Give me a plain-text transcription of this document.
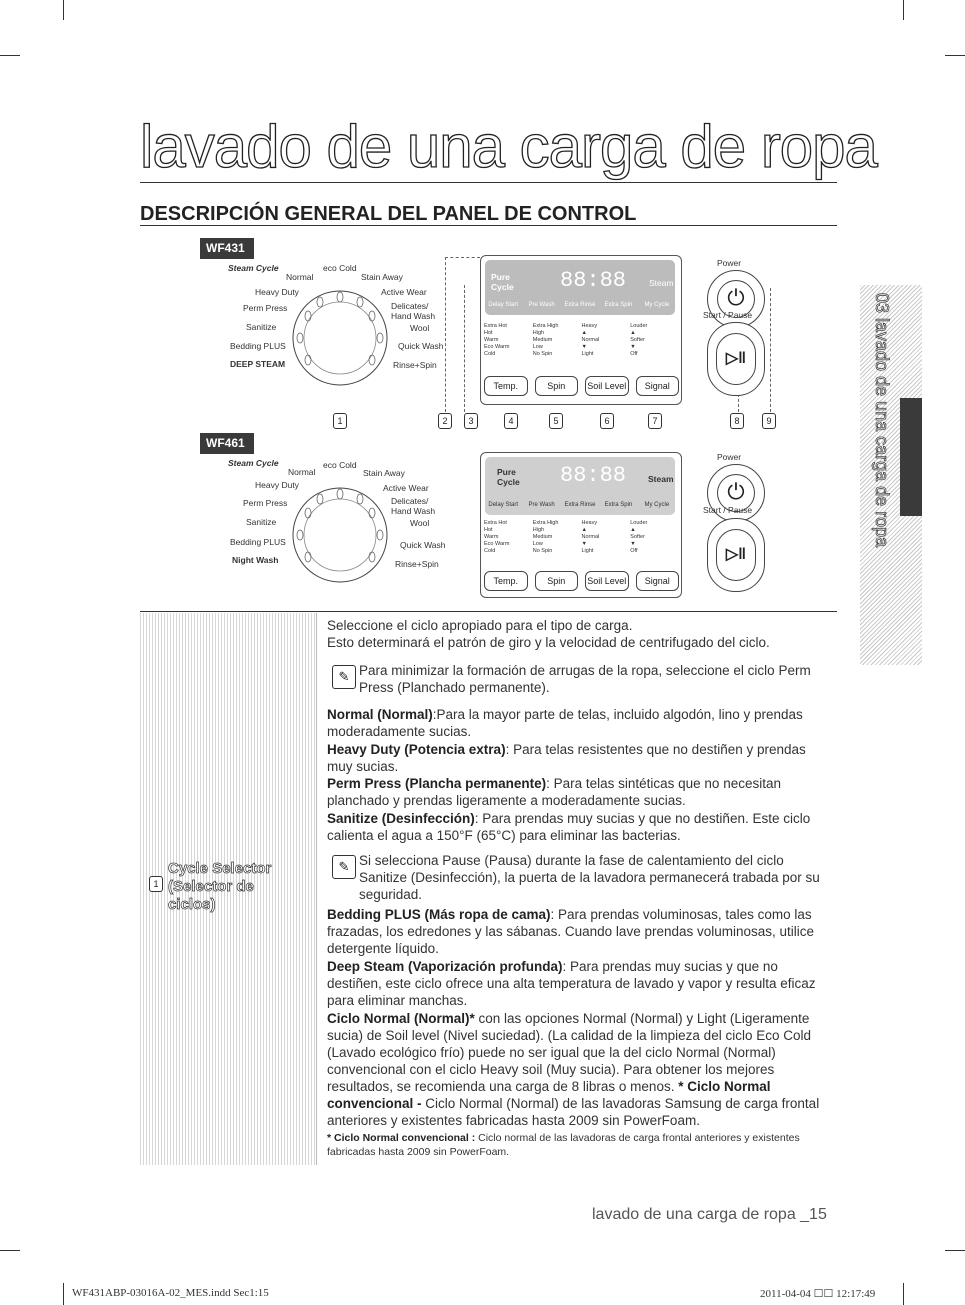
lavado de una carga de ropa
DESCRIPCIÓN GENERAL DEL PANEL DE CONTROL
03 lavado de una carga de ropa
WF431
Steam Cycle	eco Cold
Normal
Heavy Duty
Perm Press
Sanitize
Bedding PLUS
DEEP STEAM
Stain Away
Active Wear
Delicates/ Hand Wash
Wool
Quick Wash
Rinse+Spin
Pure Cycle 88:88	Steam
Delay Start	Pre Wash	Extra Rinse	Extra Spin	My Cycle
Extra Hot
Hot
Warm
Eco Warm
Cold
Extra High
High
Medium
Low
No Spin
Heavy
▲
Normal
▼
Light
Louder
▲
Softer
▼
Off
Temp.	Spin	Soil Level	Signal
Power
⏻
Start / Pause
▷‖
1	2	3	4	5	6	7	8	9
WF461
Steam Cycle	eco Cold
Normal
Heavy Duty
Perm Press
Sanitize
Bedding PLUS
Night Wash
Stain Away
Active Wear
Delicates/ Hand Wash
Wool
Quick Wash
Rinse+Spin
Pure Cycle 88:88	Steam
Delay Start	Pre Wash	Extra Rinse	Extra Spin	My Cycle
Extra Hot
Hot
Warm
Eco Warm
Cold
Extra High
High
Medium
Low
No Spin
Heavy
▲
Normal
▼
Light
Louder
▲
Softer
▼
Off
Temp.	Spin	Soil Level	Signal
Power
⏻
Start / Pause
▷‖
1
Cycle Selector (Selector de ciclos)
Seleccione el ciclo apropiado para el tipo de carga.
Esto determinará el patrón de giro y la velocidad de centrifugado del ciclo.
✎ Para minimizar la formación de arrugas de la ropa, seleccione el ciclo Perm Press (Planchado permanente).
Normal (Normal):Para la mayor parte de telas, incluido algodón, lino y prendas moderadamente sucias.
Heavy Duty (Potencia extra): Para telas resistentes que no destiñen y prendas muy sucias.
Perm Press (Plancha permanente): Para telas sintéticas que no necesitan planchado y prendas ligeramente a moderadamente sucias.
Sanitize (Desinfección): Para prendas muy sucias y que no destiñen. Este ciclo calienta el agua a 150°F (65°C) para eliminar las bacterias.
✎ Si selecciona Pause (Pausa) durante la fase de calentamiento del ciclo Sanitize (Desinfección), la puerta de la lavadora permanecerá trabada por su seguridad.
Bedding PLUS (Más ropa de cama): Para prendas voluminosas, tales como las frazadas, los edredones y las sábanas. Cuando lave prendas voluminosas, utilice detergente líquido.
Deep Steam (Vaporización profunda): Para prendas muy sucias y que no destiñen, este ciclo ofrece una alta temperatura de lavado y vapor y resulta eficaz para eliminar manchas.
Ciclo Normal (Normal)* con las opciones Normal (Normal) y Light (Ligeramente sucia) de Soil level (Nivel suciedad). (La calidad de la limpieza del ciclo Eco Cold (Lavado ecológico frío) puede no ser igual que la del ciclo Normal (Normal) convencional con el ciclo Heavy soil (Muy sucia). Para obtener los mejores resultados, se recomienda una carga de 8 libras o menos. * Ciclo Normal convencional - Ciclo Normal (Normal) de las lavadoras Samsung de carga frontal anteriores y existentes fabricadas hasta 2009 sin PowerFoam.
* Ciclo Normal convencional : Ciclo normal de las lavadoras de carga frontal anteriores y existentes fabricadas hasta 2009 sin PowerFoam.
lavado de una carga de ropa _15
WF431ABP-03016A-02_MES.indd Sec1:15	2011-04-04 ☐☐ 12:17:49
